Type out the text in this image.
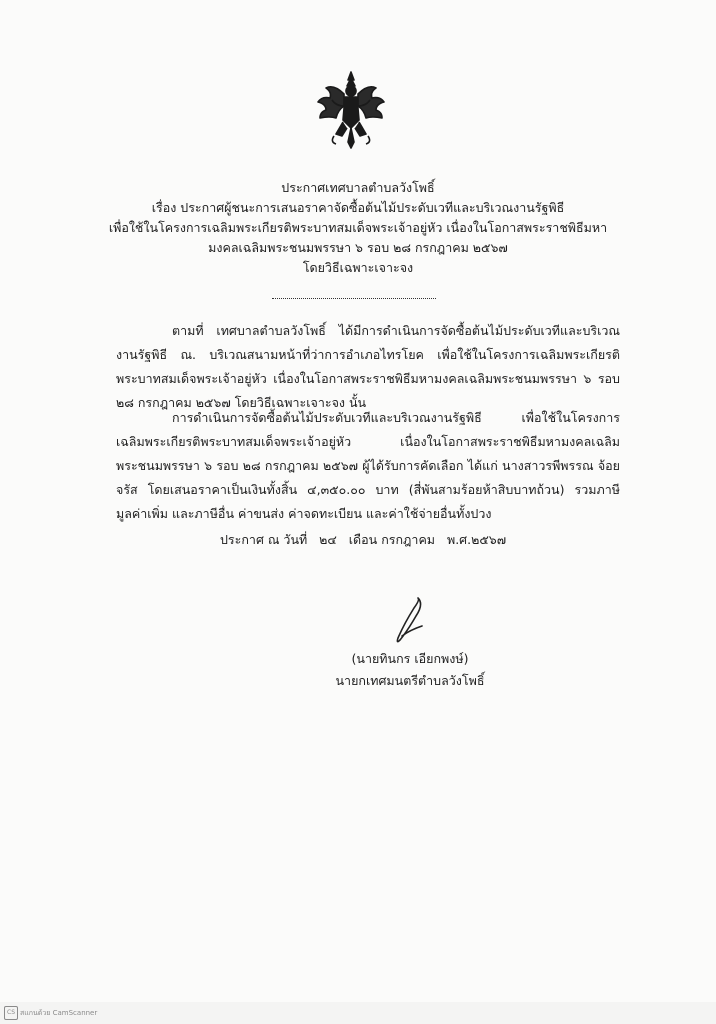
ประกาศเทศบาลตำบลวังโพธิ์
เรื่อง ประกาศผู้ชนะการเสนอราคาจัดซื้อต้นไม้ประดับเวทีและบริเวณงานรัฐพิธี
เพื่อใช้ในโครงการเฉลิมพระเกียรติพระบาทสมเด็จพระเจ้าอยู่หัว เนื่องในโอกาสพระราชพิธีมหา
มงคลเฉลิมพระชนมพรรษา ๖ รอบ ๒๘ กรกฎาคม ๒๕๖๗
โดยวิธีเฉพาะเจาะจง
ตามที่ เทศบาลตำบลวังโพธิ์ ได้มีการดำเนินการจัดซื้อต้นไม้ประดับเวทีและบริเวณงานรัฐพิธี ณ. บริเวณสนามหน้าที่ว่าการอำเภอไทรโยค เพื่อใช้ในโครงการเฉลิมพระเกียรติพระบาทสมเด็จพระเจ้าอยู่หัว เนื่องในโอกาสพระราชพิธีมหามงคลเฉลิมพระชนมพรรษา ๖ รอบ ๒๘ กรกฎาคม ๒๕๖๗ โดยวิธีเฉพาะเจาะจง นั้น
การดำเนินการจัดซื้อต้นไม้ประดับเวทีและบริเวณงานรัฐพิธี เพื่อใช้ในโครงการเฉลิมพระเกียรติพระบาทสมเด็จพระเจ้าอยู่หัว เนื่องในโอกาสพระราชพิธีมหามงคลเฉลิมพระชนมพรรษา ๖ รอบ ๒๘ กรกฎาคม ๒๕๖๗ ผู้ได้รับการคัดเลือก ได้แก่ นางสาวรพีพรรณ จ้อยจรัส โดยเสนอราคาเป็นเงินทั้งสิ้น ๔,๓๕๐.๐๐ บาท (สี่พันสามร้อยห้าสิบบาทถ้วน) รวมภาษีมูลค่าเพิ่ม และภาษีอื่น ค่าขนส่ง ค่าจดทะเบียน และค่าใช้จ่ายอื่นทั้งปวง
ประกาศ ณ วันที่   ๒๔   เดือน กรกฎาคม   พ.ศ.๒๕๖๗
(นายทินกร เอียกพงษ์)
นายกเทศมนตรีตำบลวังโพธิ์
CS สแกนด้วย CamScanner
